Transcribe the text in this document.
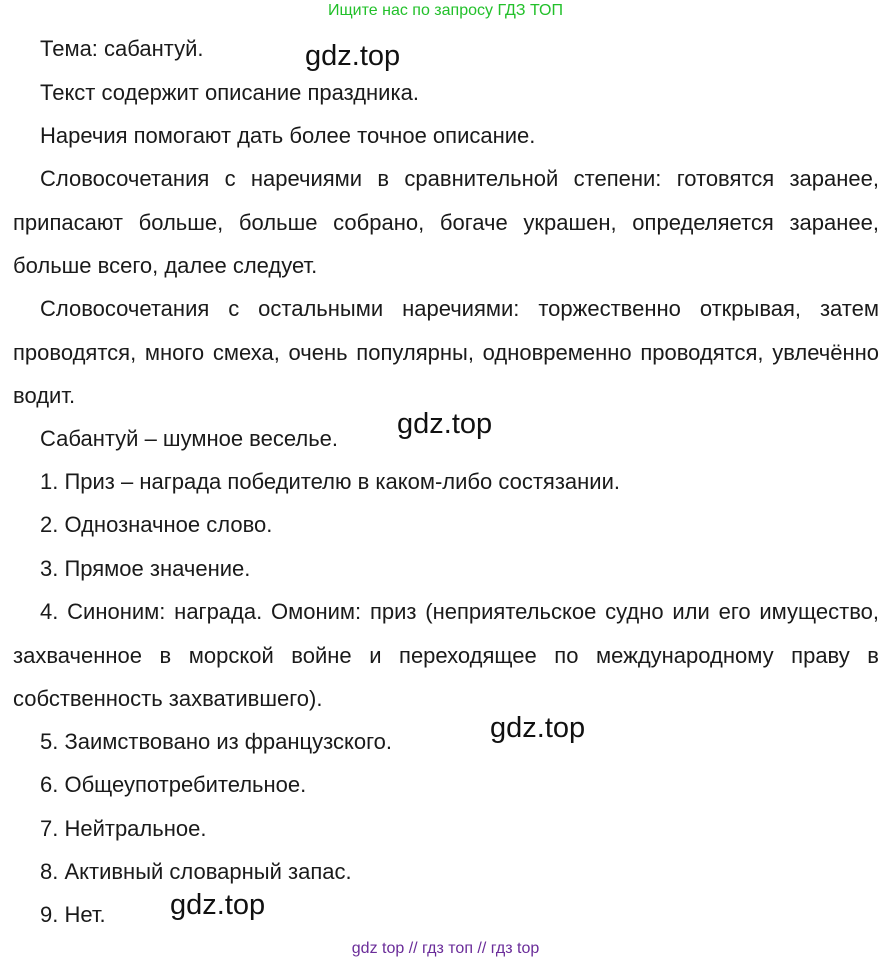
Ищите нас по запросу ГДЗ ТОП

Тема: сабантуй.

Текст содержит описание праздника.

Наречия помогают дать более точное описание.

Словосочетания с наречиями в сравнительной степени: готовятся заранее, припасают больше, больше собрано, богаче украшен, определяется заранее, больше всего, далее следует.

Словосочетания с остальными наречиями: торжественно открывая, затем проводятся, много смеха, очень популярны, одновременно проводятся, увлечённо водит.

Сабантуй – шумное веселье.

1. Приз – награда победителю в каком-либо состязании.

2. Однозначное слово.

3. Прямое значение.

4. Синоним: награда. Омоним: приз (неприятельское судно или его имущество, захваченное в морской войне и переходящее по международному праву в собственность захватившего).

5. Заимствовано из французского.

6. Общеупотребительное.

7. Нейтральное.

8. Активный словарный запас.

9. Нет.

gdz.top
gdz.top
gdz.top
gdz.top
gdz top // гдз топ // гдз top
